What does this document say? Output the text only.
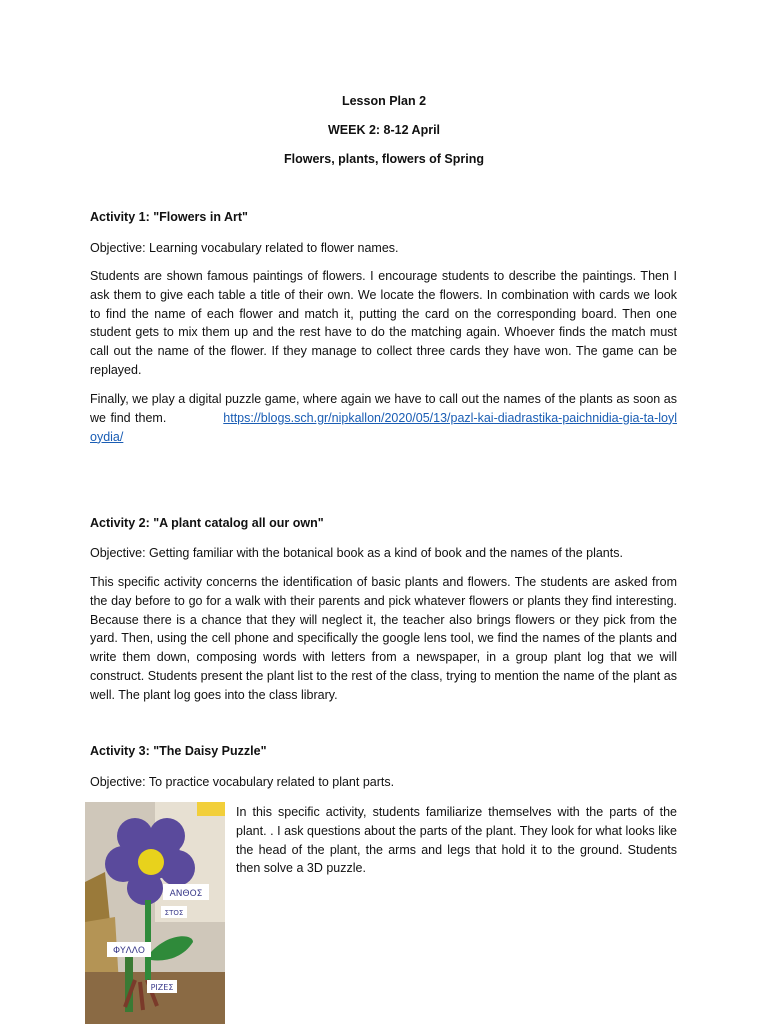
Lesson Plan 2
WEEK 2: 8-12 April
Flowers, plants, flowers of Spring
Activity 1: "Flowers in Art"
Objective: Learning vocabulary related to flower names.
Students are shown famous paintings of flowers. I encourage students to describe the paintings. Then I ask them to give each table a title of their own. We locate the flowers. In combination with cards we look to find the name of each flower and match it, putting the card on the corresponding board. Then one student gets to mix them up and the rest have to do the matching again. Whoever finds the match must call out the name of the flower. If they manage to collect three cards they have won. The game can be replayed.
Finally, we play a digital puzzle game, where again we have to call out the names of the plants as soon as we find them.	https://blogs.sch.gr/nipkallon/2020/05/13/pazl-kai-diadrastika-paichnidia-gia-ta-loyloydia/
Activity 2: "A plant catalog all our own"
Objective: Getting familiar with the botanical book as a kind of book and the names of the plants.
This specific activity concerns the identification of basic plants and flowers. The students are asked from the day before to go for a walk with their parents and pick whatever flowers or plants they find interesting. Because there is a chance that they will neglect it, the teacher also brings flowers or they pick from the yard. Then, using the cell phone and specifically the google lens tool, we find the names of the plants and write them down, composing words with letters from a newspaper, in a group plant log that we will construct. Students present the plant list to the rest of the class, trying to mention the name of the plant as well. The plant log goes into the class library.
Activity 3: "The Daisy Puzzle"
Objective: To practice vocabulary related to plant parts.
ΑΝΘΟΣ
ΣΤΟΣ
ΦΥΛΛΟ
ΡΙΖΕΣ
In this specific activity, students familiarize themselves with the parts of the plant. . I ask questions about the parts of the plant. They look for what looks like the head of the plant, the arms and legs that hold it to the ground. Students then solve a 3D puzzle.
